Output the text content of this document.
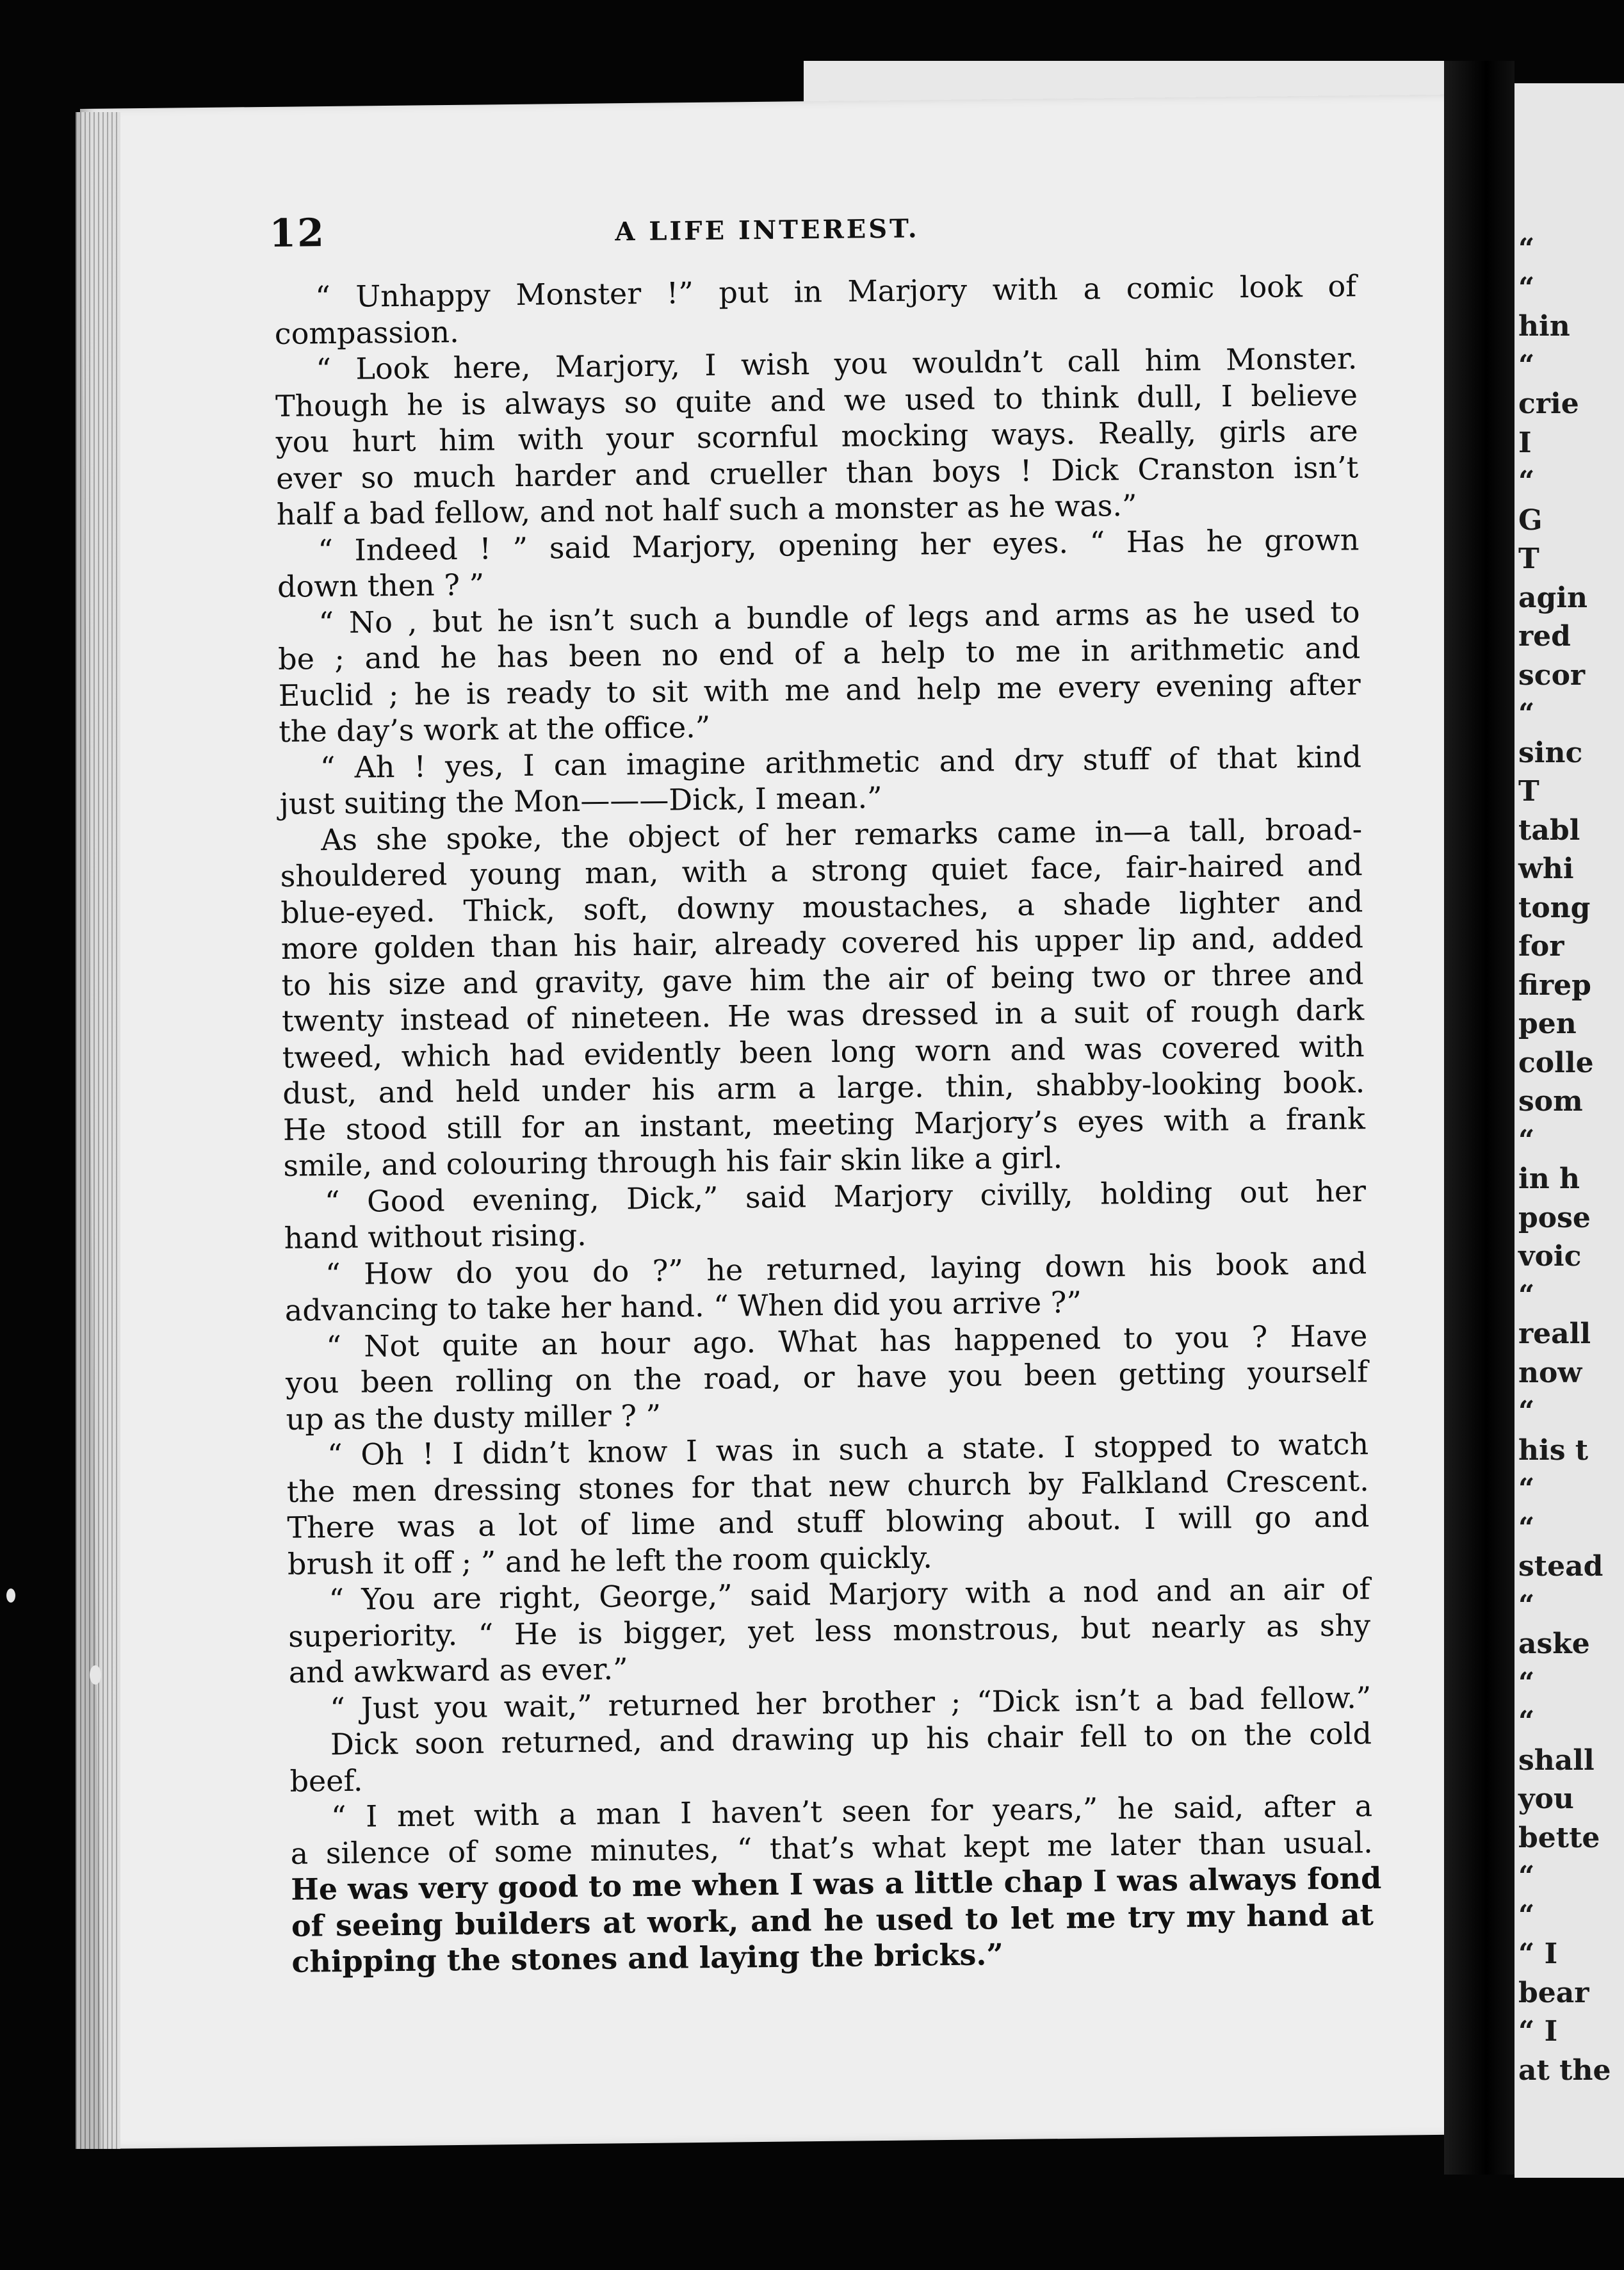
“
“
hin
“
crie
I
“
G
T
agin
red
scor
“
sinc
T
tabl
whi
tong
for
firep
pen
colle
som
“
in h
pose
voic
“
reall
now
“
his t
“
“
stead
“
aske
“
“
shall
you
bette
“
“
“ I
bear
“ I
at the
12	A LIFE INTEREST.
“ Unhappy Monster !” put in Marjory with a comic look of
compassion.
“ Look here, Marjory, I wish you wouldn’t call him Monster.
Though he is always so quite and we used to think dull, I believe
you hurt him with your scornful mocking ways. Really, girls are
ever so much harder and crueller than boys ! Dick Cranston isn’t
half a bad fellow, and not half such a monster as he was.”
“ Indeed ! ” said Marjory, opening her eyes. “ Has he grown
down then ? ”
“ No , but he isn’t such a bundle of legs and arms as he used to
be ; and he has been no end of a help to me in arithmetic and
Euclid ; he is ready to sit with me and help me every evening after
the day’s work at the office.”
“ Ah ! yes, I can imagine arithmetic and dry stuff of that kind
just suiting the Mon———Dick, I mean.”
As she spoke, the object of her remarks came in—a tall, broad-
shouldered young man, with a strong quiet face, fair-haired and
blue-eyed. Thick, soft, downy moustaches, a shade lighter and
more golden than his hair, already covered his upper lip and, added
to his size and gravity, gave him the air of being two or three and
twenty instead of nineteen. He was dressed in a suit of rough dark
tweed, which had evidently been long worn and was covered with
dust, and held under his arm a large. thin, shabby-looking book.
He stood still for an instant, meeting Marjory’s eyes with a frank
smile, and colouring through his fair skin like a girl.
“ Good evening, Dick,” said Marjory civilly, holding out her
hand without rising.
“ How do you do ?” he returned, laying down his book and
advancing to take her hand. “ When did you arrive ?”
“ Not quite an hour ago. What has happened to you ? Have
you been rolling on the road, or have you been getting yourself
up as the dusty miller ? ”
“ Oh ! I didn’t know I was in such a state. I stopped to watch
the men dressing stones for that new church by Falkland Crescent.
There was a lot of lime and stuff blowing about. I will go and
brush it off ; ” and he left the room quickly.
“ You are right, George,” said Marjory with a nod and an air of
superiority. “ He is bigger, yet less monstrous, but nearly as shy
and awkward as ever.”
“ Just you wait,” returned her brother ; “Dick isn’t a bad fellow.”
Dick soon returned, and drawing up his chair fell to on the cold
beef.
“ I met with a man I haven’t seen for years,” he said, after a
a silence of some minutes, “ that’s what kept me later than usual.
He was very good to me when I was a little chap I was always fond
of seeing builders at work, and he used to let me try my hand at
chipping the stones and laying the bricks.”
